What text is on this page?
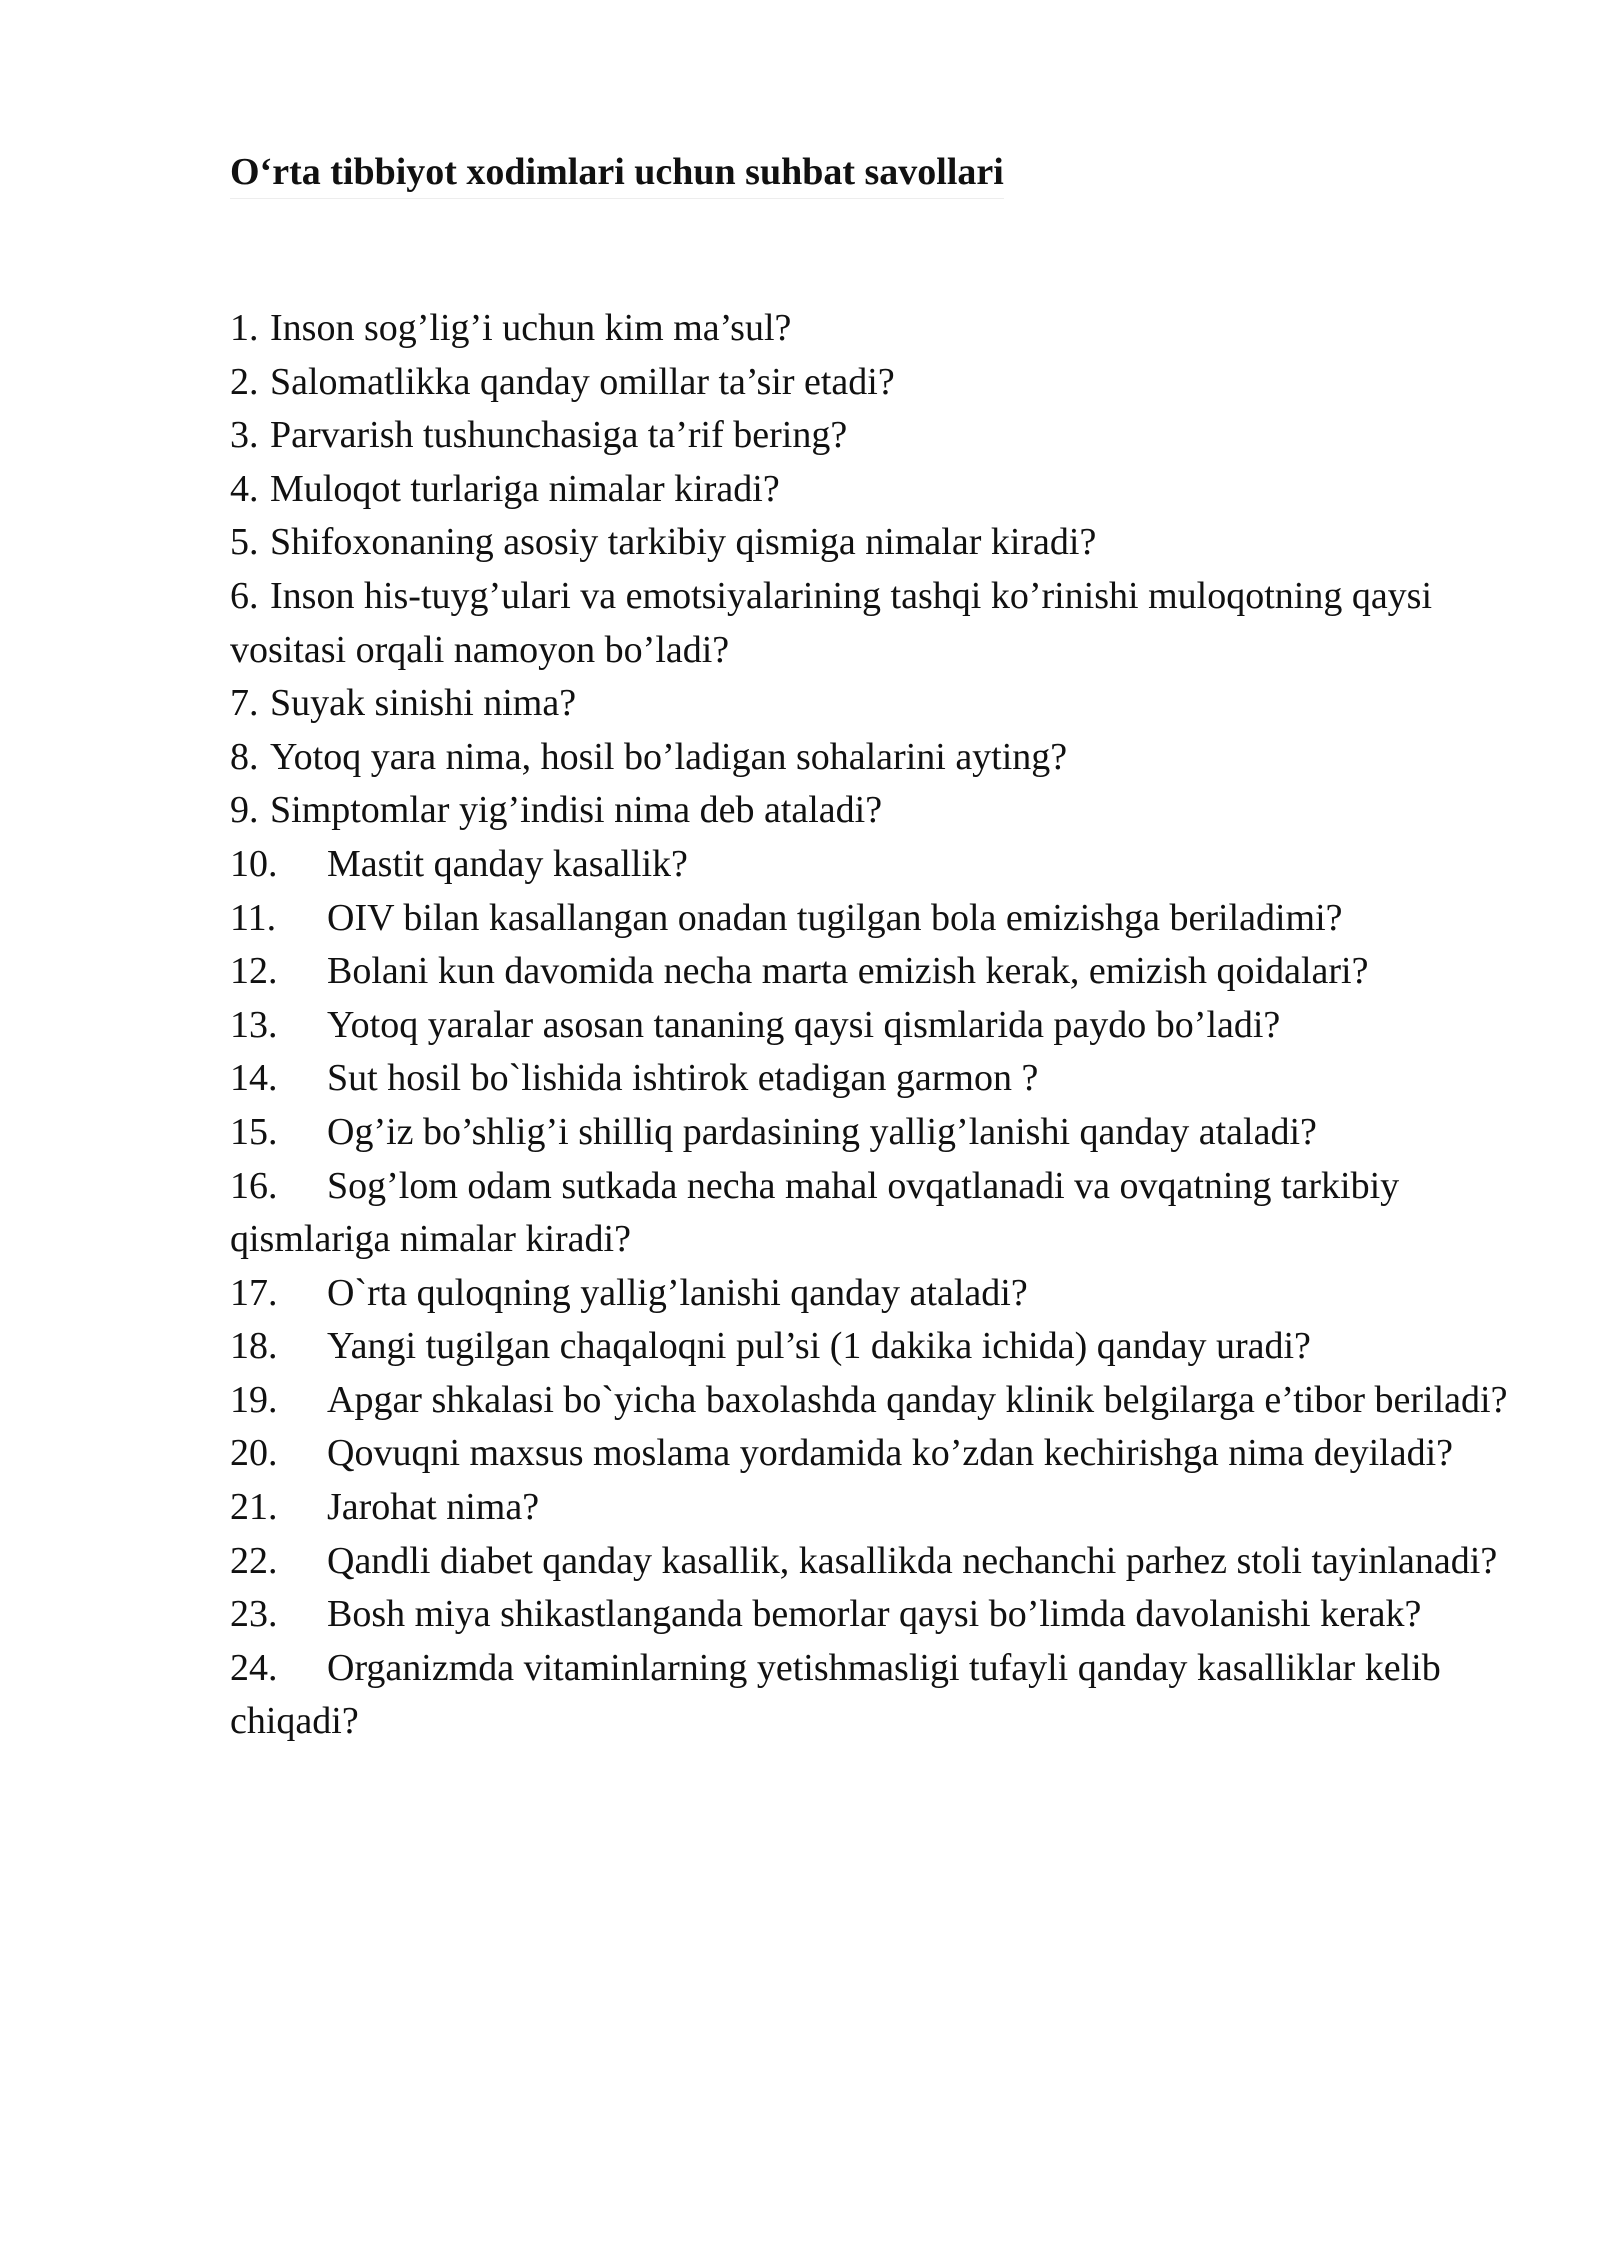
O‘rta tibbiyot xodimlari uchun suhbat savollari
1. Inson sog’lig’i uchun kim ma’sul?
2. Salomatlikka qanday omillar ta’sir etadi?
3. Parvarish tushunchasiga ta’rif bering?
4. Muloqot turlariga nimalar kiradi?
5. Shifoxonaning asosiy tarkibiy qismiga nimalar kiradi?
6. Inson his-tuyg’ulari va emotsiyalarining tashqi ko’rinishi muloqotning qaysi vositasi orqali namoyon bo’ladi?
7. Suyak sinishi nima?
8. Yotoq yara nima, hosil bo’ladigan sohalarini ayting?
9. Simptomlar yig’indisi nima deb ataladi?
10. Mastit qanday kasallik?
11. OIV bilan kasallangan onadan tugilgan bola emizishga beriladimi?
12. Bolani kun davomida necha marta emizish kerak, emizish qoidalari?
13. Yotoq yaralar asosan tananing qaysi qismlarida paydo bo’ladi?
14. Sut hosil bo`lishida ishtirok etadigan garmon ?
15. Og’iz bo’shlig’i shilliq pardasining yallig’lanishi qanday ataladi?
16. Sog’lom odam sutkada necha mahal ovqatlanadi va ovqatning tarkibiy qismlariga nimalar kiradi?
17. O`rta quloqning yallig’lanishi qanday ataladi?
18. Yangi tugilgan chaqaloqni pul’si (1 dakika ichida) qanday uradi?
19. Apgar shkalasi bo`yicha baxolashda qanday klinik belgilarga e’tibor beriladi?
20. Qovuqni maxsus moslama yordamida ko’zdan kechirishga nima deyiladi?
21. Jarohat nima?
22. Qandli diabet qanday kasallik, kasallikda nechanchi parhez stoli tayinlanadi?
23. Bosh miya shikastlanganda bemorlar qaysi bo’limda davolanishi kerak?
24. Organizmda vitaminlarning yetishmasligi tufayli qanday kasalliklar kelib chiqadi?
